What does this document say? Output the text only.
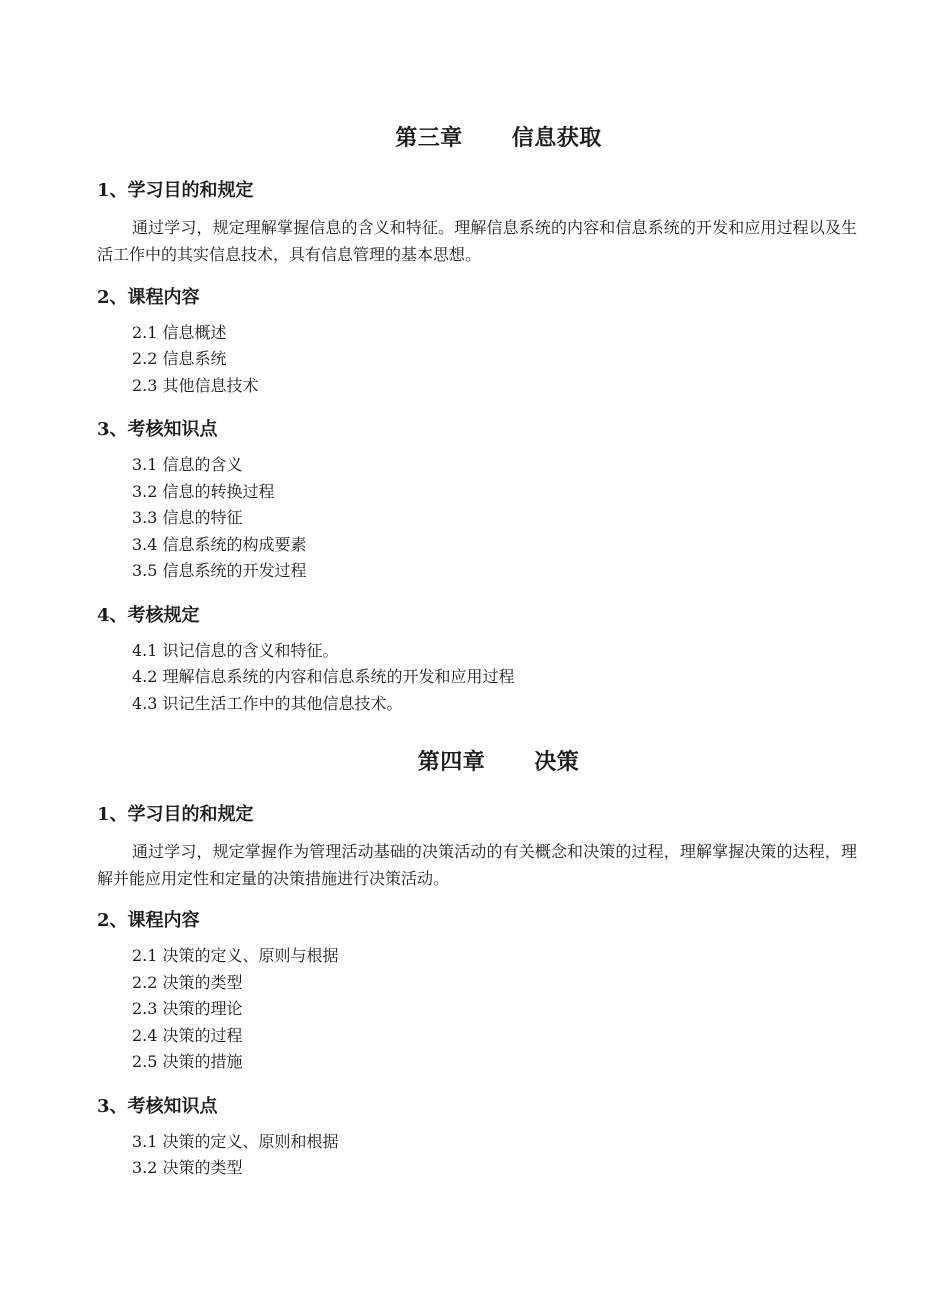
第三章      信息获取
1、学习目的和规定
通过学习，规定理解掌握信息的含义和特征。理解信息系统的内容和信息系统的开发和应用过程以及生活工作中的其实信息技术，具有信息管理的基本思想。
2、课程内容
2.1 信息概述
2.2 信息系统
2.3 其他信息技术
3、考核知识点
3.1 信息的含义
3.2 信息的转换过程
3.3 信息的特征
3.4 信息系统的构成要素
3.5 信息系统的开发过程
4、考核规定
4.1 识记信息的含义和特征。
4.2 理解信息系统的内容和信息系统的开发和应用过程
4.3 识记生活工作中的其他信息技术。
第四章      决策
1、学习目的和规定
通过学习，规定掌握作为管理活动基础的决策活动的有关概念和决策的过程，理解掌握决策的达程，理解并能应用定性和定量的决策措施进行决策活动。
2、课程内容
2.1 决策的定义、原则与根据
2.2 决策的类型
2.3 决策的理论
2.4 决策的过程
2.5 决策的措施
3、考核知识点
3.1 决策的定义、原则和根据
3.2 决策的类型
